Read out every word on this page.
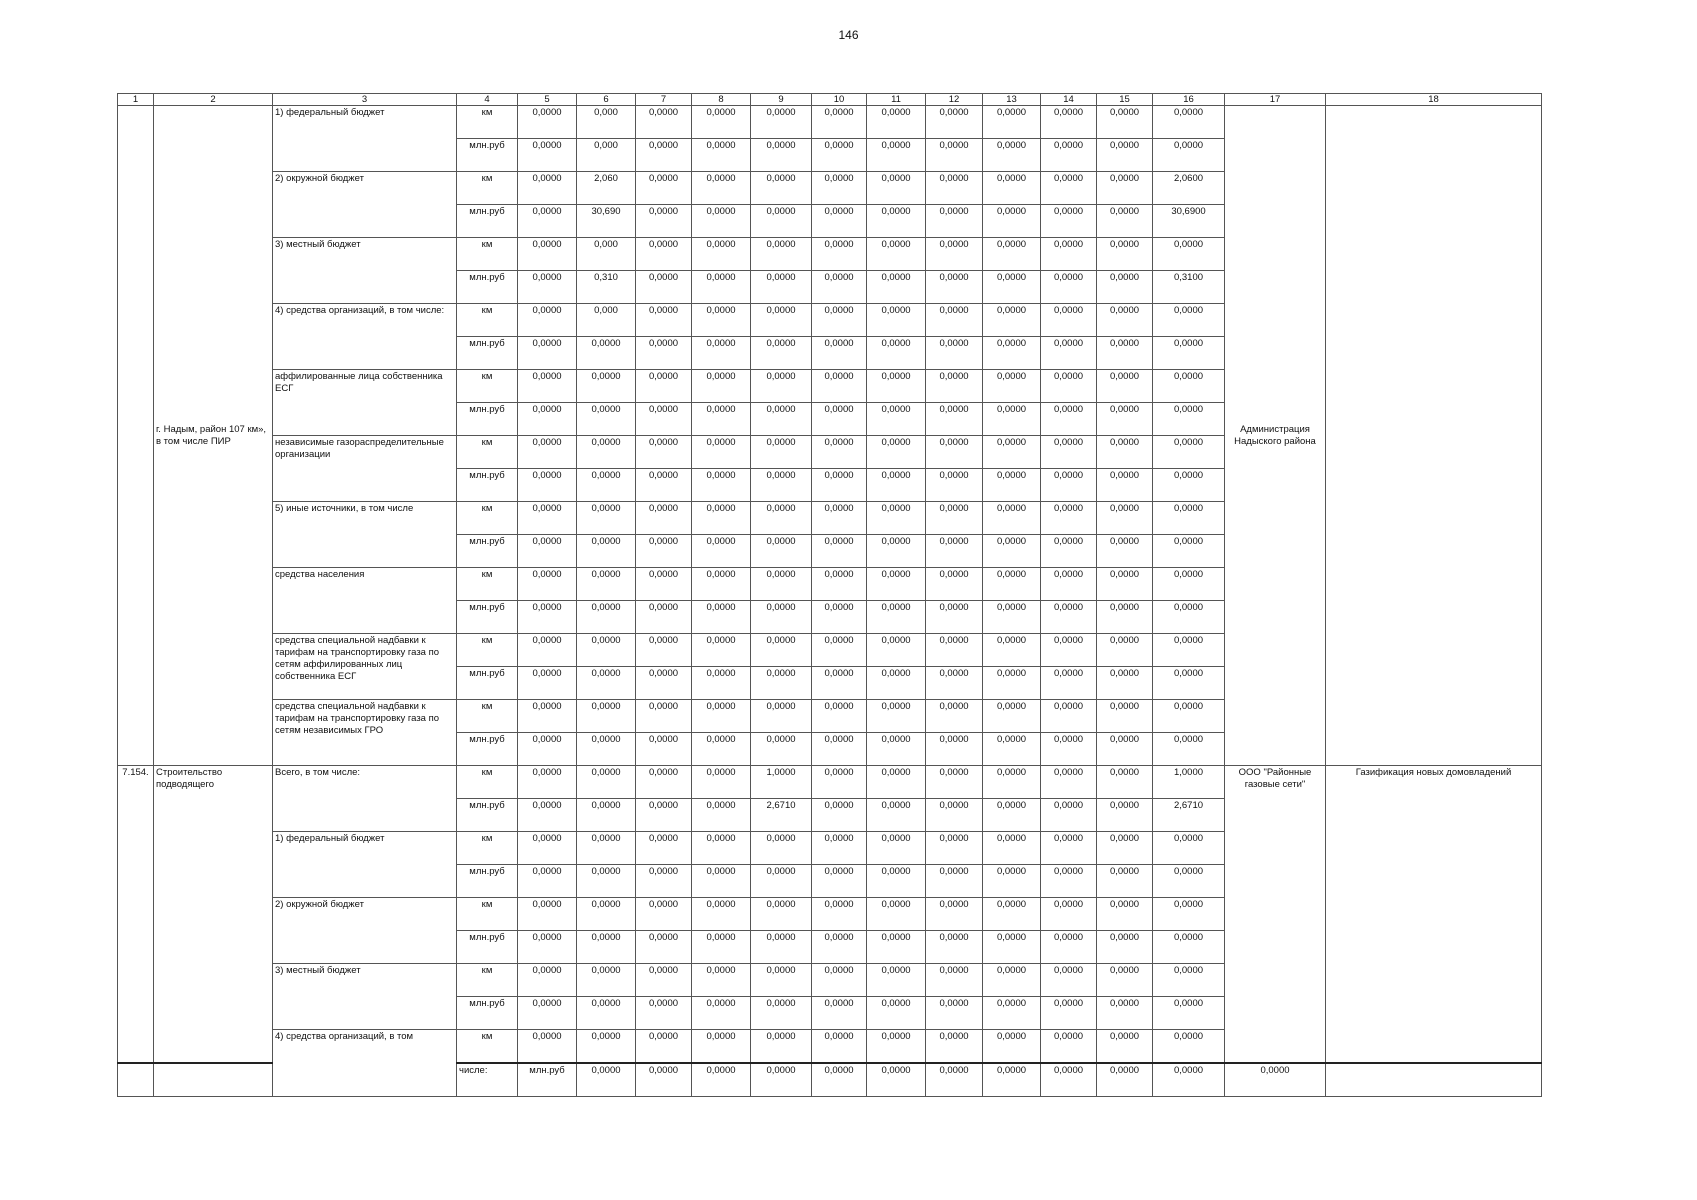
146
1	2	3	4	5	6	7	8	9	10	11	12	13	14	15	16	17	18	
	г. Надым, район 107 км», в том числе ПИР	1) федеральный бюджет	км	0,0000	0,000	0,0000	0,0000	0,0000	0,0000	0,0000	0,0000	0,0000	0,0000	0,0000	0,0000	Администрация Надыского района		
			млн.руб	0,0000	0,000	0,0000	0,0000	0,0000	0,0000	0,0000	0,0000	0,0000	0,0000	0,0000	0,0000			
		2) окружной бюджет	км	0,0000	2,060	0,0000	0,0000	0,0000	0,0000	0,0000	0,0000	0,0000	0,0000	0,0000	2,0600			
			млн.руб	0,0000	30,690	0,0000	0,0000	0,0000	0,0000	0,0000	0,0000	0,0000	0,0000	0,0000	30,6900			
		3) местный бюджет	км	0,0000	0,000	0,0000	0,0000	0,0000	0,0000	0,0000	0,0000	0,0000	0,0000	0,0000	0,0000			
			млн.руб	0,0000	0,310	0,0000	0,0000	0,0000	0,0000	0,0000	0,0000	0,0000	0,0000	0,0000	0,3100			
		4) средства организаций, в том числе:	км	0,0000	0,000	0,0000	0,0000	0,0000	0,0000	0,0000	0,0000	0,0000	0,0000	0,0000	0,0000			
			млн.руб	0,0000	0,0000	0,0000	0,0000	0,0000	0,0000	0,0000	0,0000	0,0000	0,0000	0,0000	0,0000			
		аффилированные лица собственника ЕСГ	км	0,0000	0,0000	0,0000	0,0000	0,0000	0,0000	0,0000	0,0000	0,0000	0,0000	0,0000	0,0000			
			млн.руб	0,0000	0,0000	0,0000	0,0000	0,0000	0,0000	0,0000	0,0000	0,0000	0,0000	0,0000	0,0000			
		независимые газораспределительные организации	км	0,0000	0,0000	0,0000	0,0000	0,0000	0,0000	0,0000	0,0000	0,0000	0,0000	0,0000	0,0000			
			млн.руб	0,0000	0,0000	0,0000	0,0000	0,0000	0,0000	0,0000	0,0000	0,0000	0,0000	0,0000	0,0000			
		5) иные источники, в том числе	км	0,0000	0,0000	0,0000	0,0000	0,0000	0,0000	0,0000	0,0000	0,0000	0,0000	0,0000	0,0000			
			млн.руб	0,0000	0,0000	0,0000	0,0000	0,0000	0,0000	0,0000	0,0000	0,0000	0,0000	0,0000	0,0000			
		средства населения	км	0,0000	0,0000	0,0000	0,0000	0,0000	0,0000	0,0000	0,0000	0,0000	0,0000	0,0000	0,0000			
			млн.руб	0,0000	0,0000	0,0000	0,0000	0,0000	0,0000	0,0000	0,0000	0,0000	0,0000	0,0000	0,0000			
		средства специальной надбавки к тарифам на транспортировку газа по сетям аффилированных лиц собственника ЕСГ	км	0,0000	0,0000	0,0000	0,0000	0,0000	0,0000	0,0000	0,0000	0,0000	0,0000	0,0000	0,0000			
			млн.руб	0,0000	0,0000	0,0000	0,0000	0,0000	0,0000	0,0000	0,0000	0,0000	0,0000	0,0000	0,0000			
		средства специальной надбавки к тарифам на транспортировку газа по сетям независимых ГРО	км	0,0000	0,0000	0,0000	0,0000	0,0000	0,0000	0,0000	0,0000	0,0000	0,0000	0,0000	0,0000			
			млн.руб	0,0000	0,0000	0,0000	0,0000	0,0000	0,0000	0,0000	0,0000	0,0000	0,0000	0,0000	0,0000			
7.154.	Строительство подводящего	Всего, в том числе:	км	0,0000	0,0000	0,0000	0,0000	1,0000	0,0000	0,0000	0,0000	0,0000	0,0000	0,0000	1,0000	ООО "Районные газовые сети"	Газификация новых домовладений	
			млн.руб	0,0000	0,0000	0,0000	0,0000	2,6710	0,0000	0,0000	0,0000	0,0000	0,0000	0,0000	2,6710			
		1) федеральный бюджет	км	0,0000	0,0000	0,0000	0,0000	0,0000	0,0000	0,0000	0,0000	0,0000	0,0000	0,0000	0,0000			
			млн.руб	0,0000	0,0000	0,0000	0,0000	0,0000	0,0000	0,0000	0,0000	0,0000	0,0000	0,0000	0,0000			
		2) окружной бюджет	км	0,0000	0,0000	0,0000	0,0000	0,0000	0,0000	0,0000	0,0000	0,0000	0,0000	0,0000	0,0000			
			млн.руб	0,0000	0,0000	0,0000	0,0000	0,0000	0,0000	0,0000	0,0000	0,0000	0,0000	0,0000	0,0000			
		3) местный бюджет	км	0,0000	0,0000	0,0000	0,0000	0,0000	0,0000	0,0000	0,0000	0,0000	0,0000	0,0000	0,0000			
			млн.руб	0,0000	0,0000	0,0000	0,0000	0,0000	0,0000	0,0000	0,0000	0,0000	0,0000	0,0000	0,0000			
		4) средства организаций, в том	км	0,0000	0,0000	0,0000	0,0000	0,0000	0,0000	0,0000	0,0000	0,0000	0,0000	0,0000	0,0000			
			числе:	млн.руб	0,0000	0,0000	0,0000	0,0000	0,0000	0,0000	0,0000	0,0000	0,0000	0,0000	0,0000	0,0000		
